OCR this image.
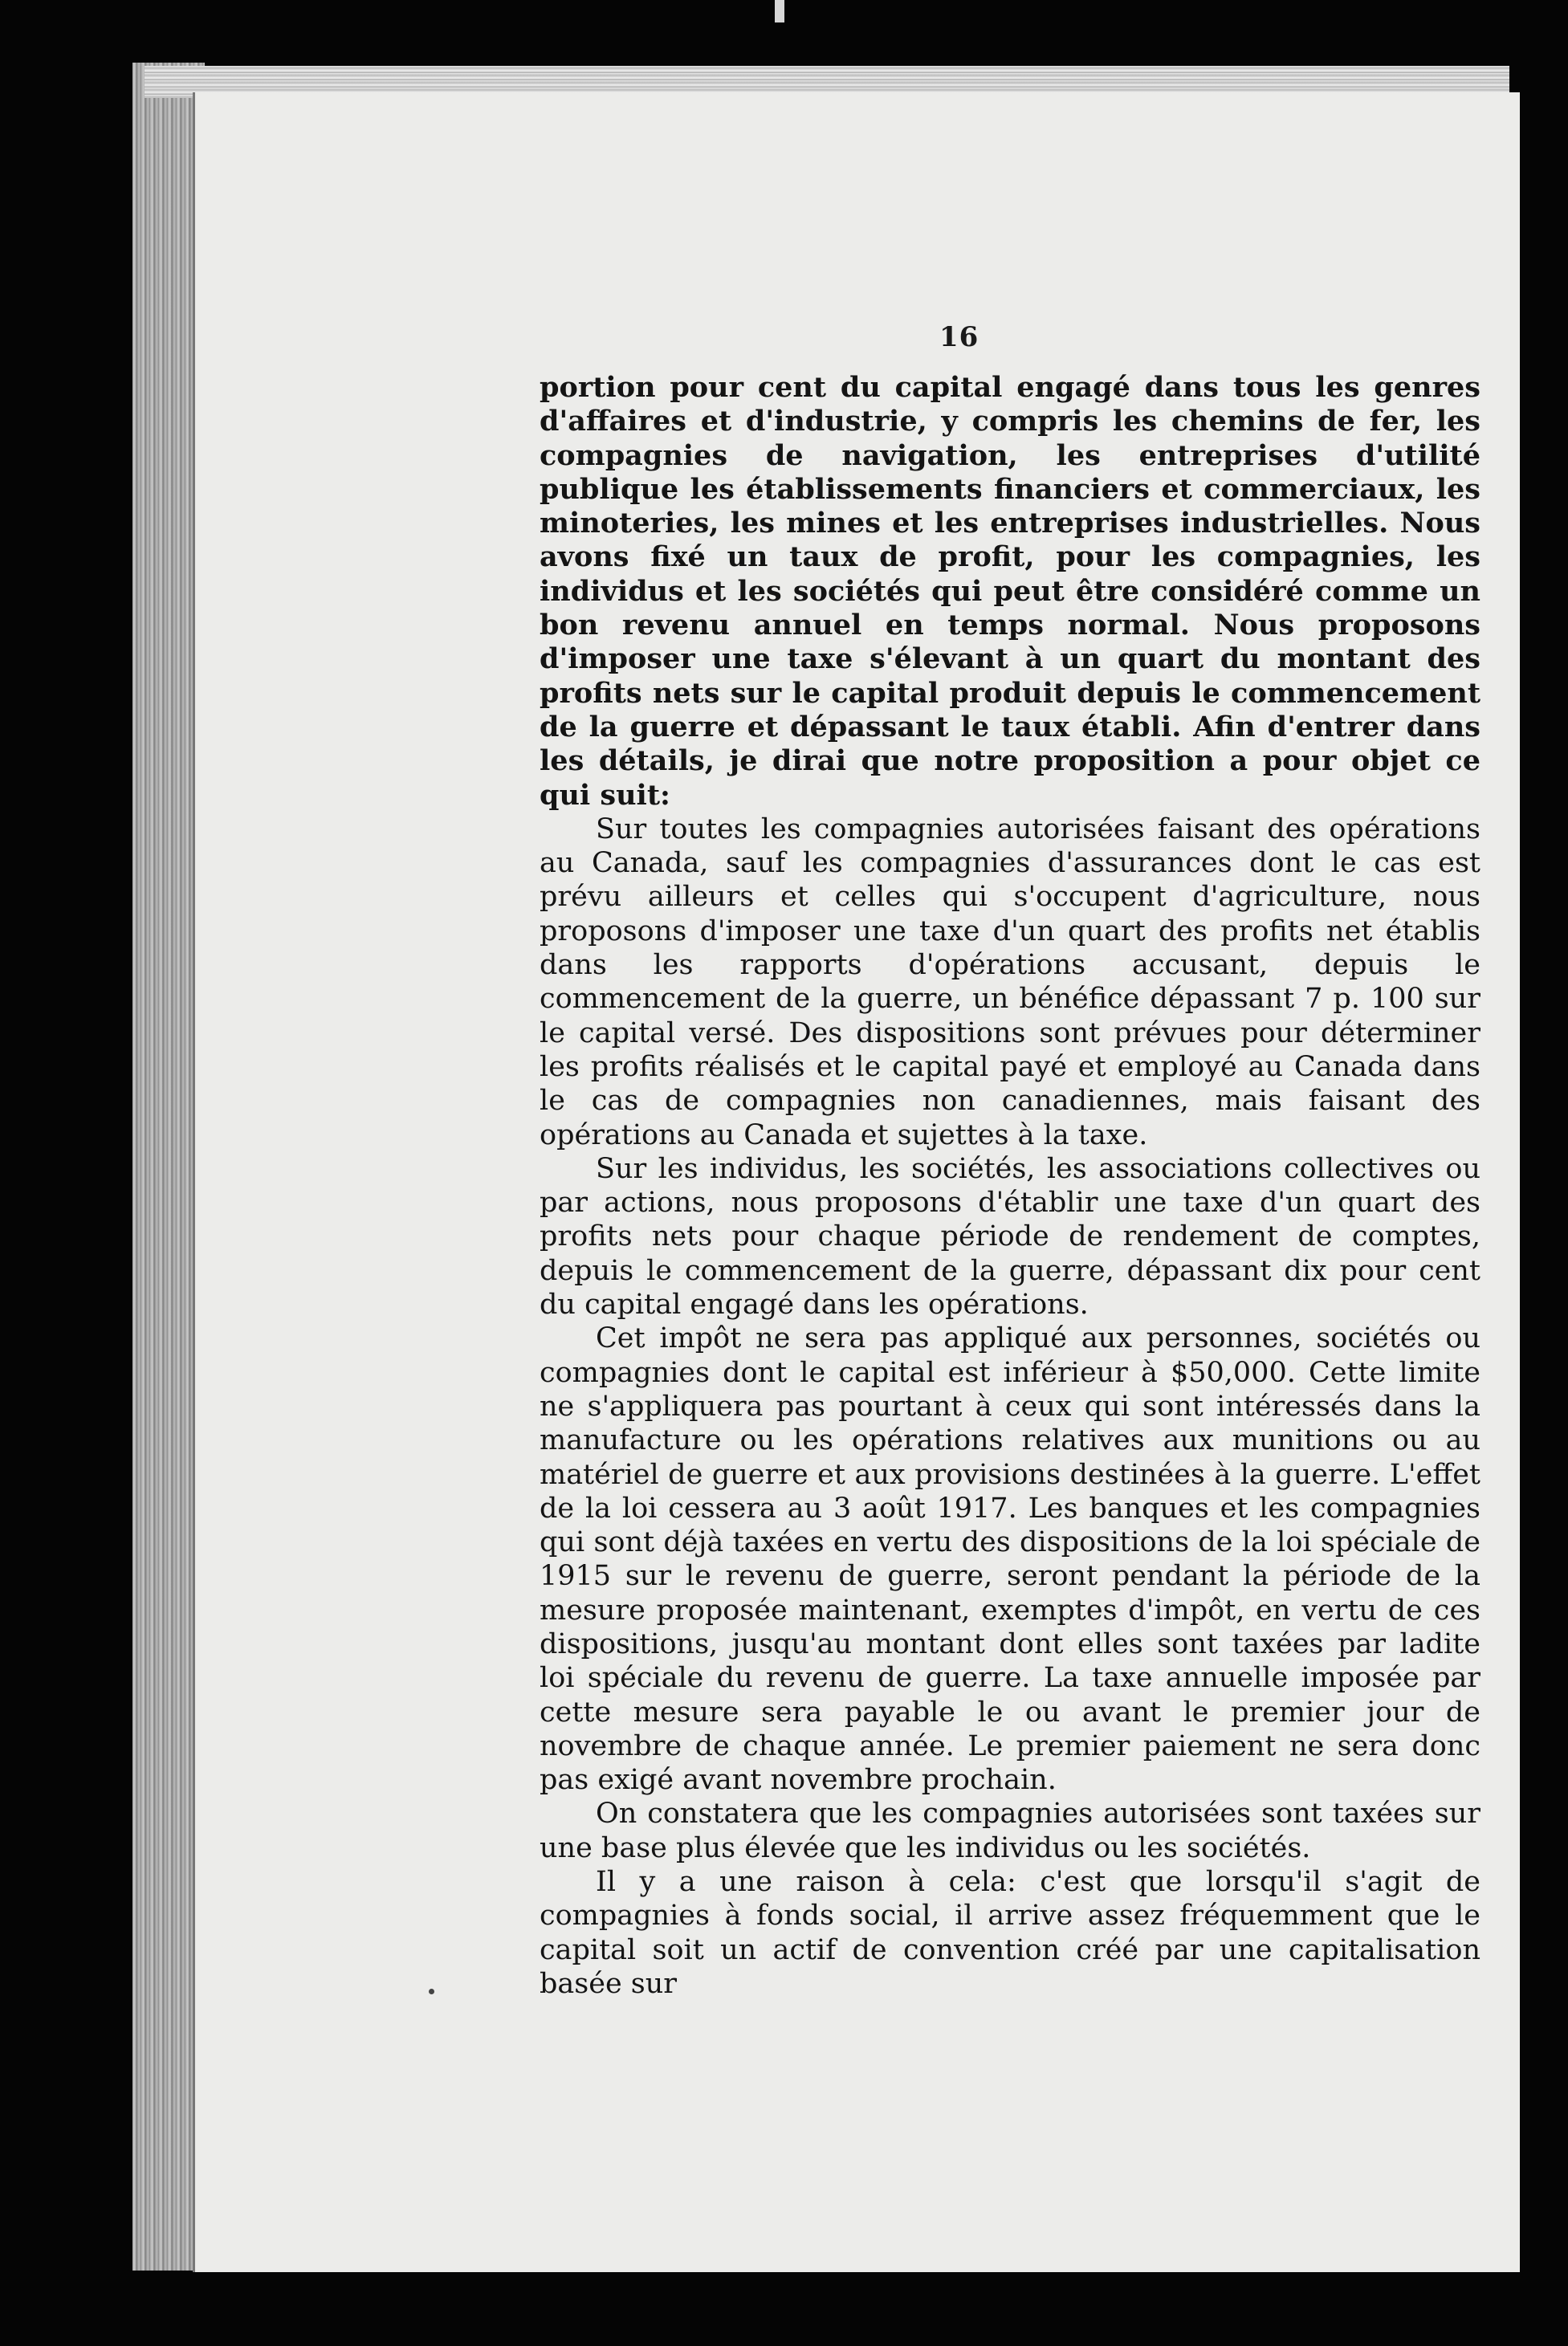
16

portion pour cent du capital engagé dans tous les genres d'affaires et d'industrie, y compris les chemins de fer, les compagnies de navigation, les entreprises d'utilité publique les établissements financiers et commerciaux, les minoteries, les mines et les entreprises industrielles. Nous avons fixé un taux de profit, pour les compagnies, les individus et les sociétés qui peut être considéré comme un bon revenu annuel en temps normal. Nous proposons d'imposer une taxe s'élevant à un quart du montant des profits nets sur le capital produit depuis le commencement de la guerre et dépassant le taux établi. Afin d'entrer dans les détails, je dirai que notre proposition a pour objet ce qui suit:

Sur toutes les compagnies autorisées faisant des opérations au Canada, sauf les compagnies d'assurances dont le cas est prévu ailleurs et celles qui s'occupent d'agriculture, nous proposons d'imposer une taxe d'un quart des profits net établis dans les rapports d'opérations accusant, depuis le commencement de la guerre, un bénéfice dépassant 7 p. 100 sur le capital versé. Des dispositions sont prévues pour déterminer les profits réalisés et le capital payé et employé au Canada dans le cas de compagnies non canadiennes, mais faisant des opérations au Canada et sujettes à la taxe.

Sur les individus, les sociétés, les associations collectives ou par actions, nous proposons d'établir une taxe d'un quart des profits nets pour chaque période de rendement de comptes, depuis le commencement de la guerre, dépassant dix pour cent du capital engagé dans les opérations.

Cet impôt ne sera pas appliqué aux personnes, sociétés ou compagnies dont le capital est inférieur à $50,000. Cette limite ne s'appliquera pas pourtant à ceux qui sont intéressés dans la manufacture ou les opérations relatives aux munitions ou au matériel de guerre et aux provisions destinées à la guerre. L'effet de la loi cessera au 3 août 1917. Les banques et les compagnies qui sont déjà taxées en vertu des dispositions de la loi spéciale de 1915 sur le revenu de guerre, seront pendant la période de la mesure proposée maintenant, exemptes d'impôt, en vertu de ces dispositions, jusqu'au montant dont elles sont taxées par ladite loi spéciale du revenu de guerre. La taxe annuelle imposée par cette mesure sera payable le ou avant le premier jour de novembre de chaque année. Le premier paiement ne sera donc pas exigé avant novembre prochain.

On constatera que les compagnies autorisées sont taxées sur une base plus élevée que les individus ou les sociétés.

Il y a une raison à cela: c'est que lorsqu'il s'agit de compagnies à fonds social, il arrive assez fréquemment que le capital soit un actif de convention créé par une capitalisation basée sur
